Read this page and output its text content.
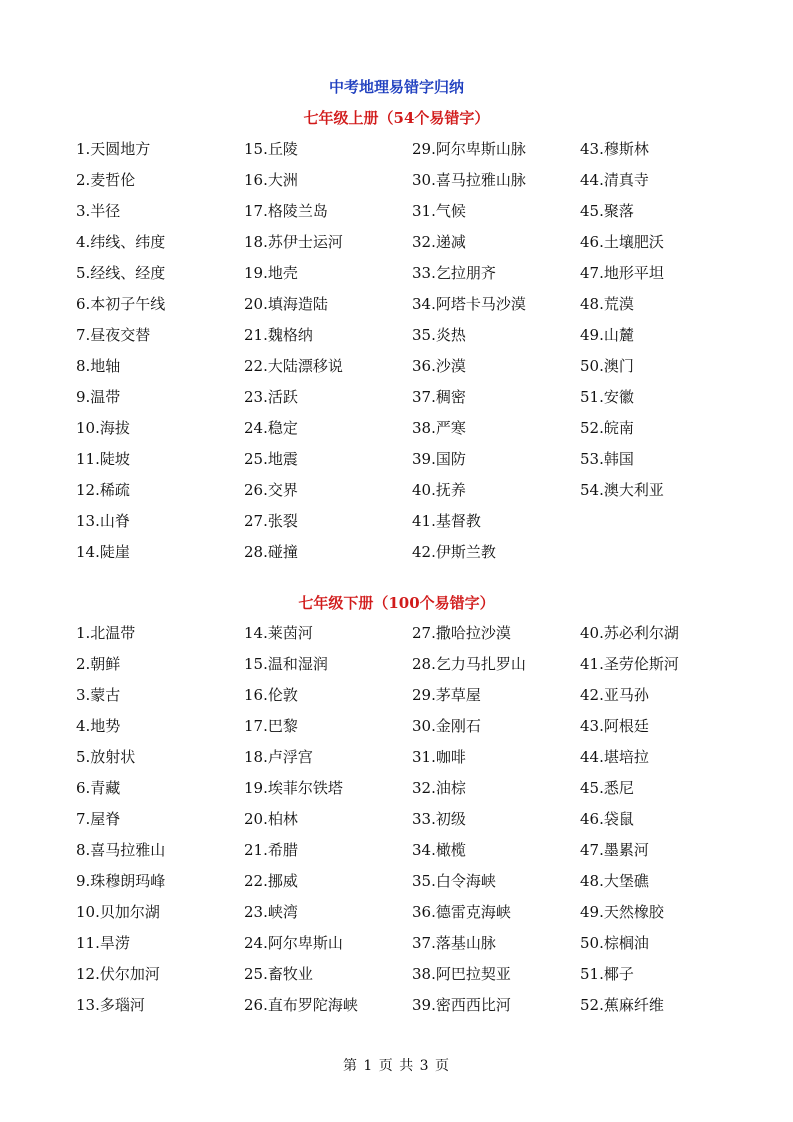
中考地理易错字归纳
七年级上册（54个易错字）
1.天圆地方
2.麦哲伦
3.半径
4.纬线、纬度
5.经线、经度
6.本初子午线
7.昼夜交替
8.地轴
9.温带
10.海拔
11.陡坡
12.稀疏
13.山脊
14.陡崖
15.丘陵
16.大洲
17.格陵兰岛
18.苏伊士运河
19.地壳
20.填海造陆
21.魏格纳
22.大陆漂移说
23.活跃
24.稳定
25.地震
26.交界
27.张裂
28.碰撞
29.阿尔卑斯山脉
30.喜马拉雅山脉
31.气候
32.递减
33.乞拉朋齐
34.阿塔卡马沙漠
35.炎热
36.沙漠
37.稠密
38.严寒
39.国防
40.抚养
41.基督教
42.伊斯兰教
43.穆斯林
44.清真寺
45.聚落
46.土壤肥沃
47.地形平坦
48.荒漠
49.山麓
50.澳门
51.安徽
52.皖南
53.韩国
54.澳大利亚
七年级下册（100个易错字）
1.北温带
2.朝鲜
3.蒙古
4.地势
5.放射状
6.青藏
7.屋脊
8.喜马拉雅山
9.珠穆朗玛峰
10.贝加尔湖
11.旱涝
12.伏尔加河
13.多瑙河
14.莱茵河
15.温和湿润
16.伦敦
17.巴黎
18.卢浮宫
19.埃菲尔铁塔
20.柏林
21.希腊
22.挪威
23.峡湾
24.阿尔卑斯山
25.畜牧业
26.直布罗陀海峡
27.撒哈拉沙漠
28.乞力马扎罗山
29.茅草屋
30.金刚石
31.咖啡
32.油棕
33.初级
34.橄榄
35.白令海峡
36.德雷克海峡
37.落基山脉
38.阿巴拉契亚
39.密西西比河
40.苏必利尔湖
41.圣劳伦斯河
42.亚马孙
43.阿根廷
44.堪培拉
45.悉尼
46.袋鼠
47.墨累河
48.大堡礁
49.天然橡胶
50.棕榈油
51.椰子
52.蕉麻纤维
第 1 页 共 3 页
